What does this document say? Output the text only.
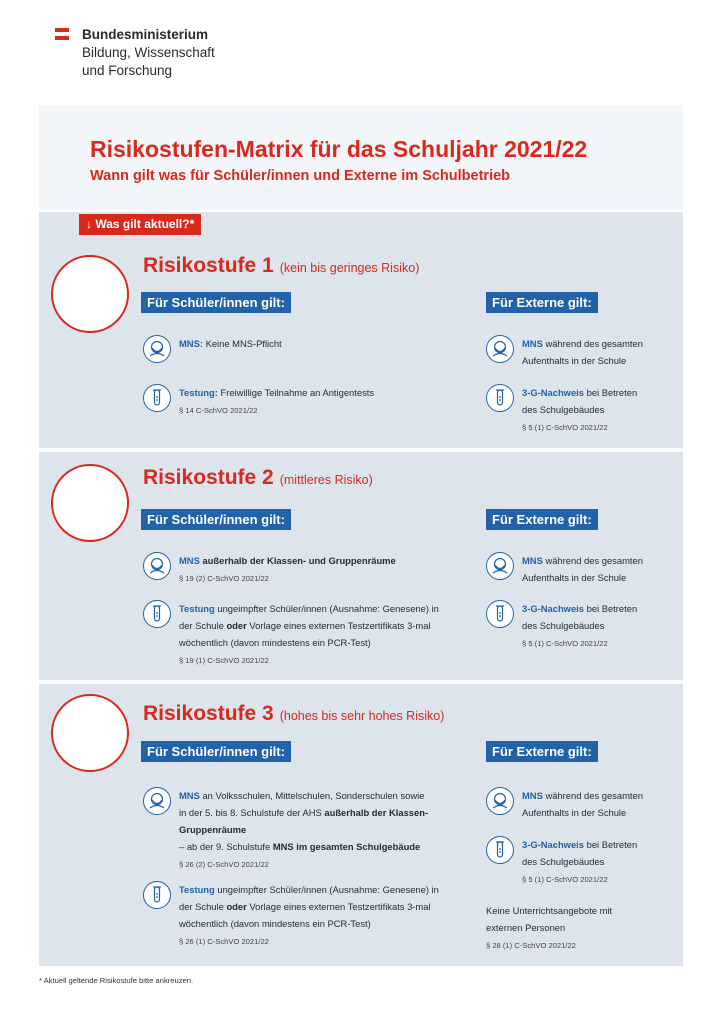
Bundesministerium
Bildung, Wissenschaft
und Forschung
Risikostufen-Matrix für das Schuljahr 2021/22
Wann gilt was für Schüler/innen und Externe im Schulbetrieb
↓ Was gilt aktuell?*
Risikostufe 1 (kein bis geringes Risiko)
Für Schüler/innen gilt:	Für Externe gilt:
MNS: Keine MNS-Pflicht
Testung: Freiwillige Teilnahme an Antigentests
§ 14 C-SchVO 2021/22
MNS während des gesamten
Aufenthalts in der Schule
3-G-Nachweis bei Betreten
des Schulgebäudes
§ 5 (1) C-SchVO 2021/22
Risikostufe 2 (mittleres Risiko)
Für Schüler/innen gilt:	Für Externe gilt:
MNS außerhalb der Klassen- und Gruppenräume
§ 19 (2) C-SchVO 2021/22
Testung ungeimpfter Schüler/innen (Ausnahme: Genesene) in
der Schule oder Vorlage eines externen Testzertifikats 3-mal
wöchentlich (davon mindestens ein PCR-Test)
§ 19 (1) C-SchVO 2021/22
MNS während des gesamten
Aufenthalts in der Schule
3-G-Nachweis bei Betreten
des Schulgebäudes
§ 5 (1) C-SchVO 2021/22
Risikostufe 3 (hohes bis sehr hohes Risiko)
Für Schüler/innen gilt:	Für Externe gilt:
MNS an Volksschulen, Mittelschulen, Sonderschulen sowie
in der 5. bis 8. Schulstufe der AHS außerhalb der Klassen-
Gruppenräume
– ab der 9. Schulstufe MNS im gesamten Schulgebäude
§ 26 (2) C-SchVO 2021/22
Testung ungeimpfter Schüler/innen (Ausnahme: Genesene) in
der Schule oder Vorlage eines externen Testzertifikats 3-mal
wöchentlich (davon mindestens ein PCR-Test)
§ 26 (1) C-SchVO 2021/22
MNS während des gesamten
Aufenthalts in der Schule
3-G-Nachweis bei Betreten
des Schulgebäudes
§ 5 (1) C-SchVO 2021/22
Keine Unterrichtsangebote mit
externen Personen
§ 28 (1) C-SchVO 2021/22
* Aktuell geltende Risikostufe bitte ankreuzen.
